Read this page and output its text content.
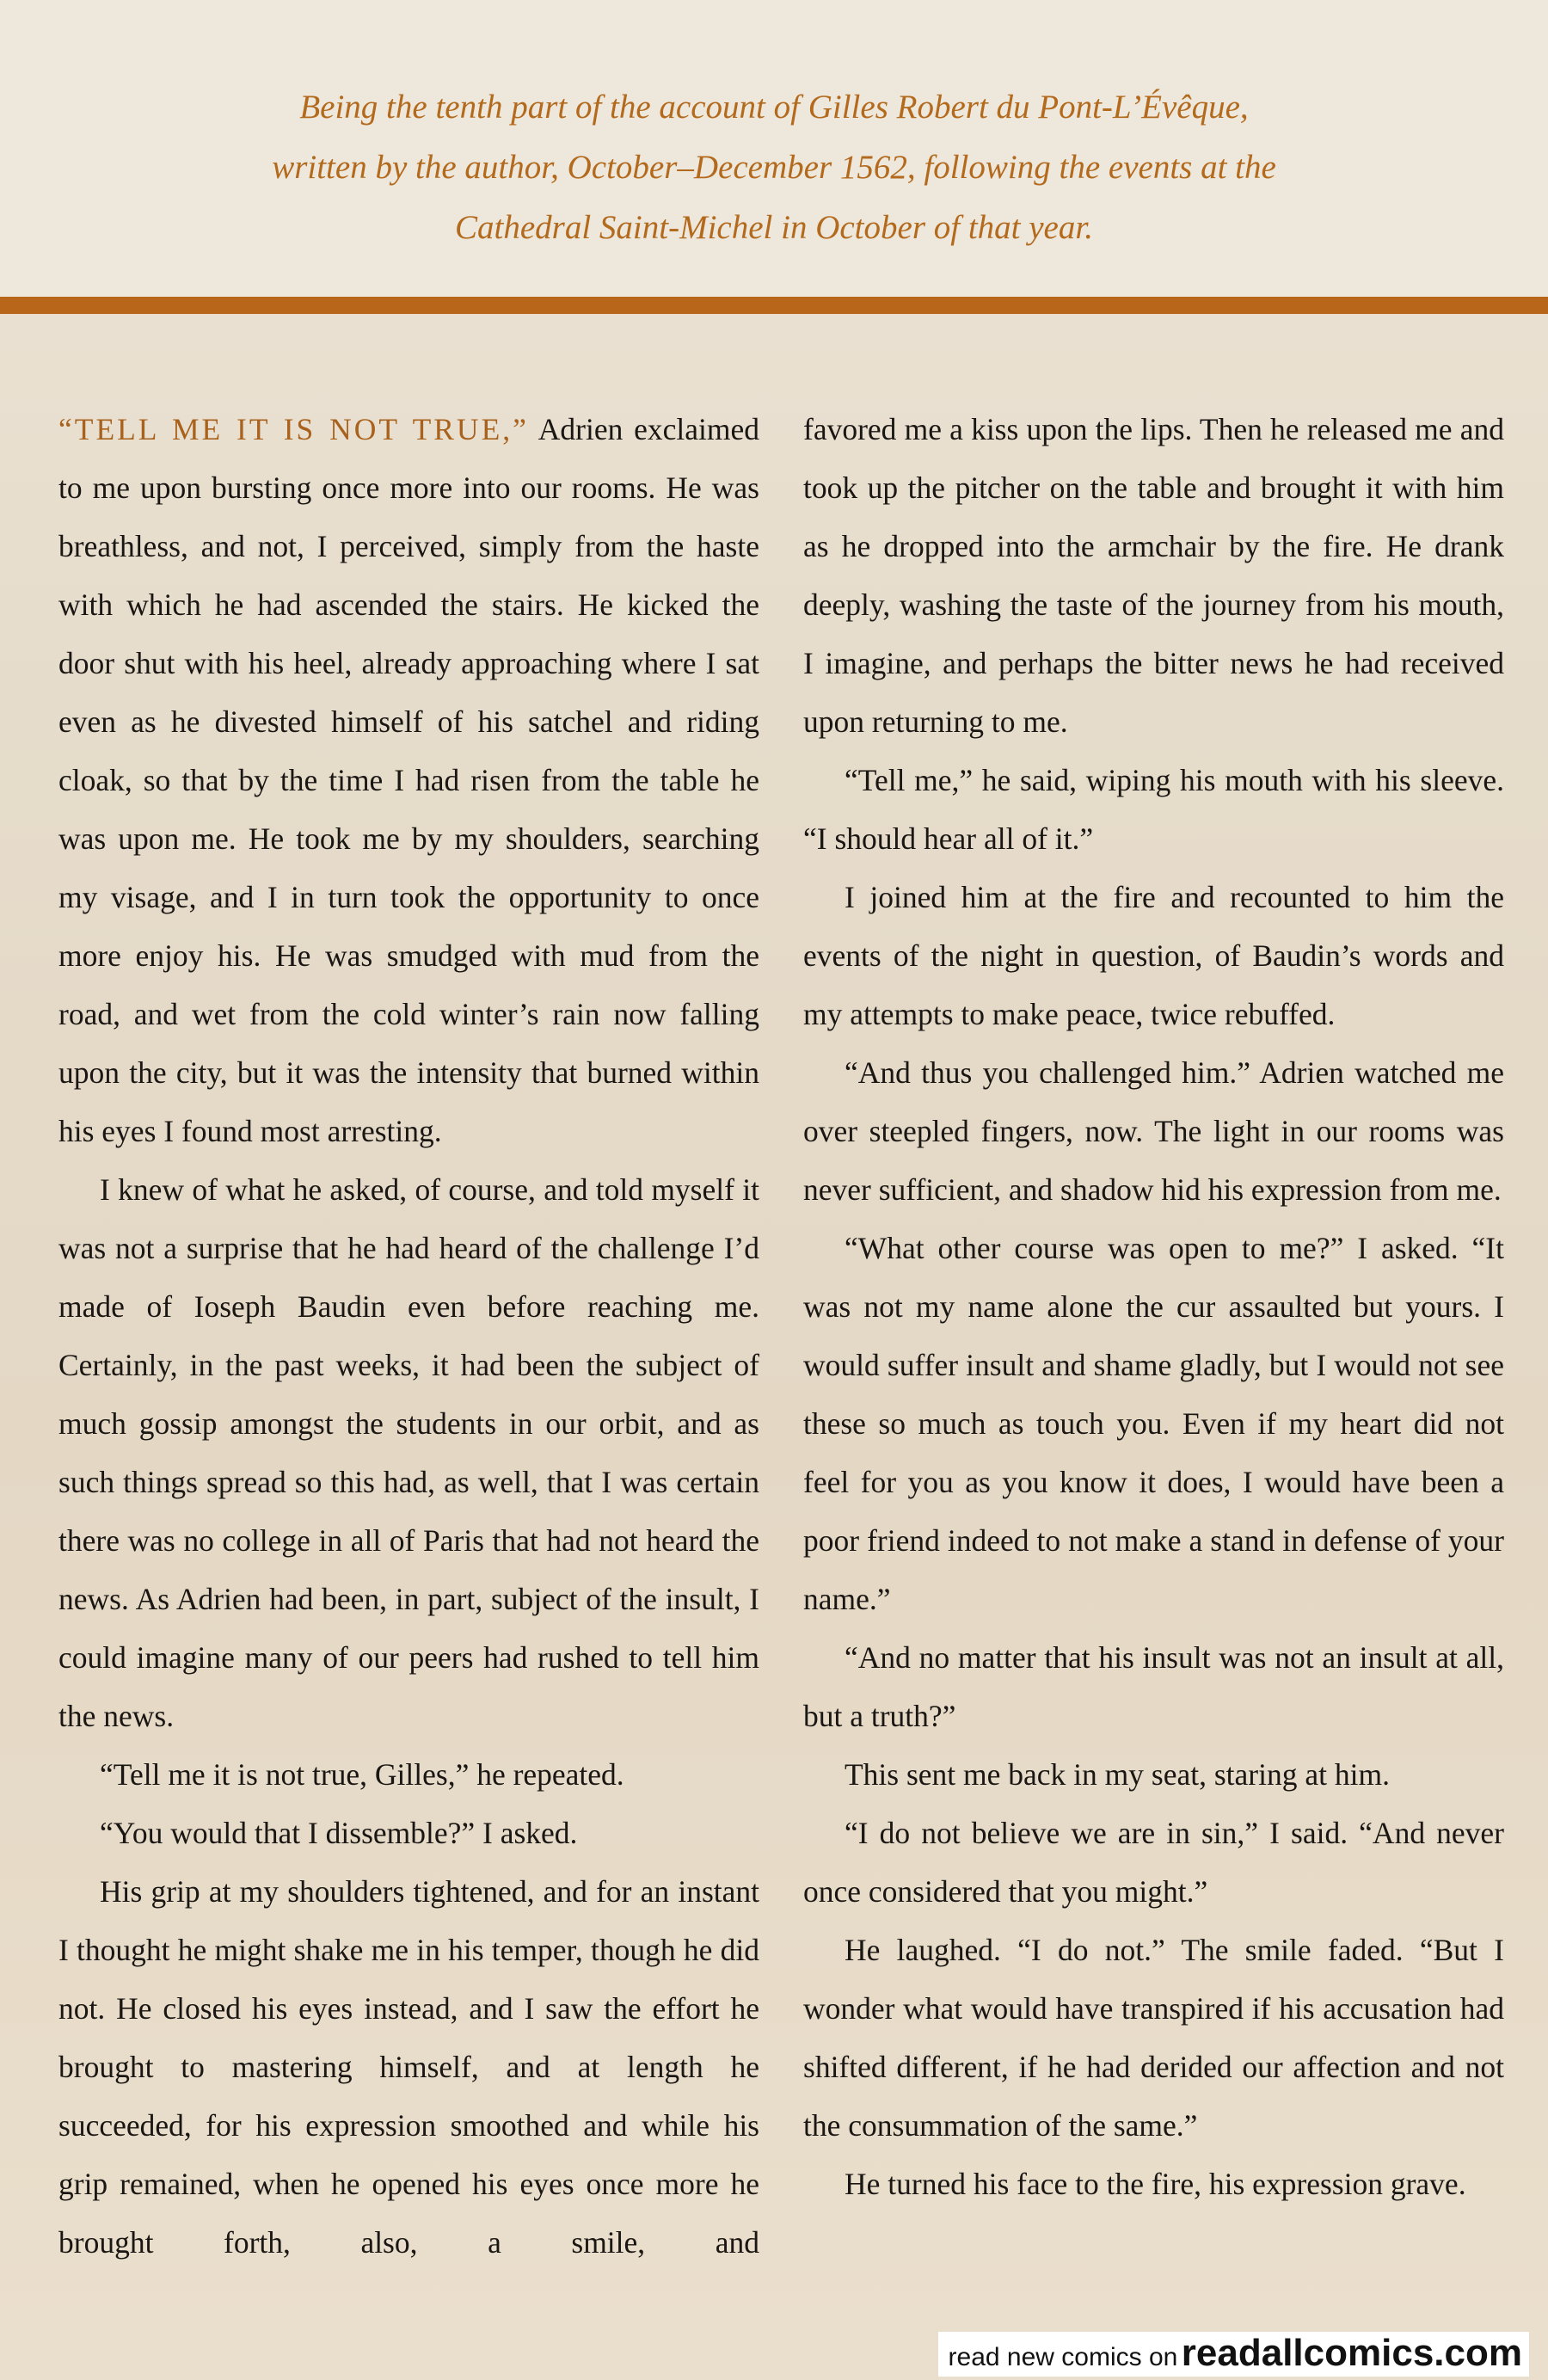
Being the tenth part of the account of Gilles Robert du Pont-L’Évêque,
written by the author, October–December 1562, following the events at the
Cathedral Saint-Michel in October of that year.

“TELL ME IT IS NOT TRUE,” Adrien exclaimed to me upon bursting once more into our rooms. He was breathless, and not, I perceived, simply from the haste with which he had ascended the stairs. He kicked the door shut with his heel, already approaching where I sat even as he divested himself of his satchel and riding cloak, so that by the time I had risen from the table he was upon me. He took me by my shoulders, searching my visage, and I in turn took the opportunity to once more enjoy his. He was smudged with mud from the road, and wet from the cold winter’s rain now falling upon the city, but it was the intensity that burned within his eyes I found most arresting.

I knew of what he asked, of course, and told myself it was not a surprise that he had heard of the challenge I’d made of Ioseph Baudin even before reaching me. Certainly, in the past weeks, it had been the subject of much gossip amongst the students in our orbit, and as such things spread so this had, as well, that I was certain there was no college in all of Paris that had not heard the news. As Adrien had been, in part, subject of the insult, I could imagine many of our peers had rushed to tell him the news.

“Tell me it is not true, Gilles,” he repeated.

“You would that I dissemble?” I asked.

His grip at my shoulders tightened, and for an instant I thought he might shake me in his temper, though he did not. He closed his eyes instead, and I saw the effort he brought to mastering himself, and at length he succeeded, for his expression smoothed and while his grip remained, when he opened his eyes once more he brought forth, also, a smile, and

favored me a kiss upon the lips. Then he released me and took up the pitcher on the table and brought it with him as he dropped into the armchair by the fire. He drank deeply, washing the taste of the journey from his mouth, I imagine, and perhaps the bitter news he had received upon returning to me.

“Tell me,” he said, wiping his mouth with his sleeve. “I should hear all of it.”

I joined him at the fire and recounted to him the events of the night in question, of Baudin’s words and my attempts to make peace, twice rebuffed.

“And thus you challenged him.” Adrien watched me over steepled fingers, now. The light in our rooms was never sufficient, and shadow hid his expression from me.

“What other course was open to me?” I asked. “It was not my name alone the cur assaulted but yours. I would suffer insult and shame gladly, but I would not see these so much as touch you. Even if my heart did not feel for you as you know it does, I would have been a poor friend indeed to not make a stand in defense of your name.”

“And no matter that his insult was not an insult at all, but a truth?”

This sent me back in my seat, staring at him.

“I do not believe we are in sin,” I said. “And never once considered that you might.”

He laughed. “I do not.” The smile faded. “But I wonder what would have transpired if his accusation had shifted different, if he had derided our affection and not the consummation of the same.”

He turned his face to the fire, his expression grave.

read new comics on readallcomics.com
